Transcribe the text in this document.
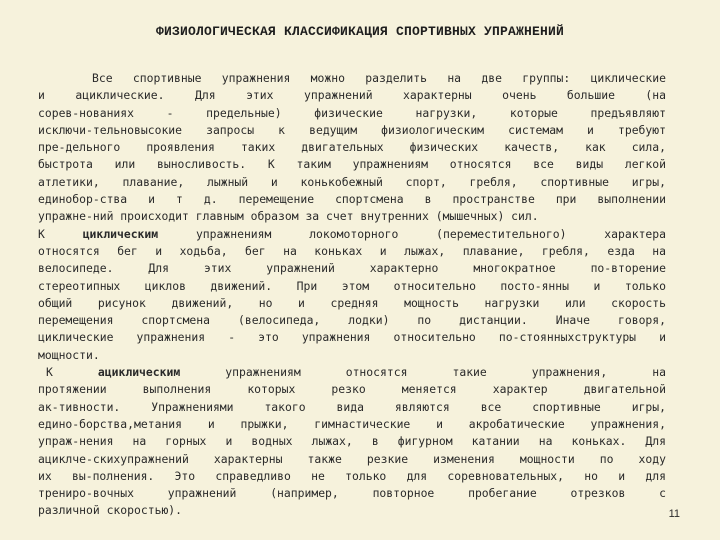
ФИЗИОЛОГИЧЕСКАЯ КЛАССИФИКАЦИЯ СПОРТИВНЫХ УПРАЖНЕНИЙ
Все спортивные упражнения можно разделить на две группы: циклические
и ациклические. Для этих упражнений характерны очень большие (на
сорев-нованиях - предельные) физические нагрузки, которые предъявляют
исключи-тельновысокие запросы к ведущим физиологическим системам и требуют
пре-дельного проявления таких двигательных физических качеств, как сила,
быстрота или выносливость. К таким упражнениям относятся все виды легкой
атлетики, плавание, лыжный и конькобежный спорт, гребля, спортивные игры,
единобор-ства и т д. перемещение спортсмена в пространстве при выполнении
упражне-ний происходит главным образом за счет внутренних (мышечных) сил.
К циклическим упражнениям локомоторного (переместительного) характера
относятся бег и ходьба, бег на коньках и лыжах, плавание, гребля, езда на
велосипеде. Для этих упражнений характерно многократное по-вторение
стереотипных циклов движений. При этом относительно посто-янны и только
общий рисунок движений, но и средняя мощность нагрузки или скорость
перемещения спортсмена (велосипеда, лодки) по дистанции. Иначе говоря,
циклические упражнения - это упражнения относительно по-стоянныхструктуры и
мощности.
К ациклическим упражнениям относятся такие упражнения, на
протяжении выполнения которых резко меняется характер двигательной
ак-тивности. Упражнениями такого вида являются все спортивные игры,
едино-борства,метания и прыжки, гимнастические и акробатические упражнения,
упраж-нения на горных и водных лыжах, в фигурном катании на коньках. Для
ациклче-скихупражнений характерны также резкие изменения мощности по ходу
их вы-полнения. Это справедливо не только для соревновательных, но и для
трениро-вочных упражнений (например, повторное пробегание отрезков с
различной скоростью).	11
